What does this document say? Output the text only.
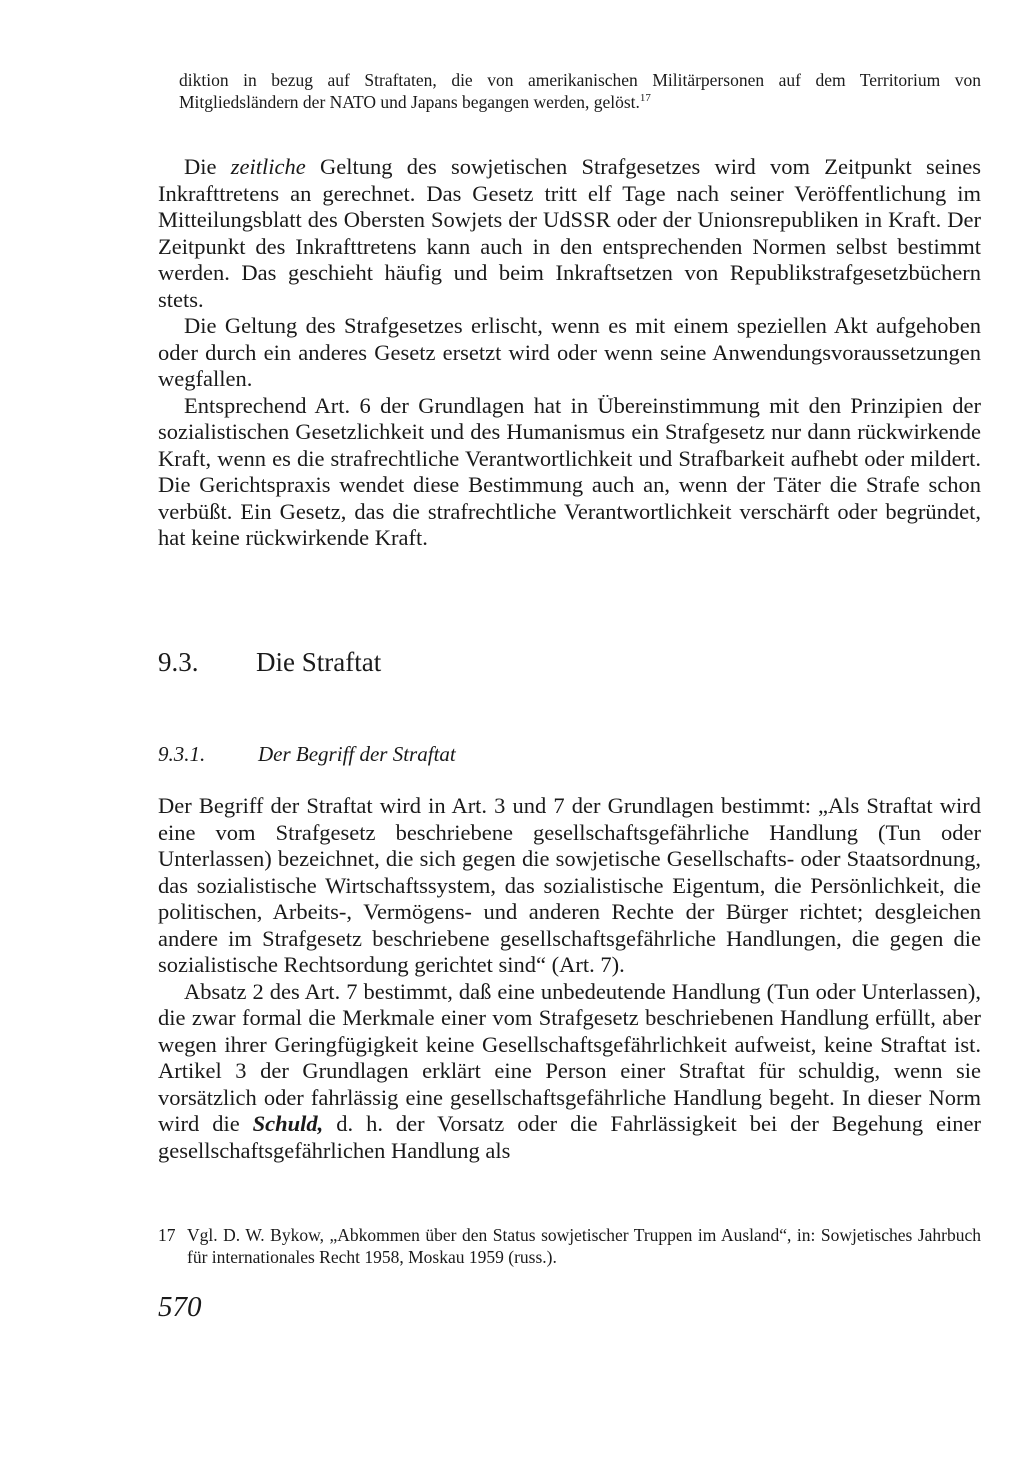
diktion in bezug auf Straftaten, die von amerikanischen Militärpersonen auf dem Territorium von Mitgliedsländern der NATO und Japans begangen werden, gelöst.$^{17}$

Die zeitliche Geltung des sowjetischen Strafgesetzes wird vom Zeitpunkt seines Inkrafttretens an gerechnet. Das Gesetz tritt elf Tage nach seiner Veröffentlichung im Mitteilungsblatt des Obersten Sowjets der UdSSR oder der Unionsrepubliken in Kraft. Der Zeitpunkt des Inkrafttretens kann auch in den entsprechenden Normen selbst bestimmt werden. Das geschieht häufig und beim Inkraftsetzen von Republikstrafgesetzbüchern stets.

Die Geltung des Strafgesetzes erlischt, wenn es mit einem speziellen Akt aufgehoben oder durch ein anderes Gesetz ersetzt wird oder wenn seine Anwendungsvoraussetzungen wegfallen.

Entsprechend Art. 6 der Grundlagen hat in Übereinstimmung mit den Prinzipien der sozialistischen Gesetzlichkeit und des Humanismus ein Strafgesetz nur dann rückwirkende Kraft, wenn es die strafrechtliche Verantwortlichkeit und Strafbarkeit aufhebt oder mildert. Die Gerichtspraxis wendet diese Bestimmung auch an, wenn der Täter die Strafe schon verbüßt. Ein Gesetz, das die strafrechtliche Verantwortlichkeit verschärft oder begründet, hat keine rückwirkende Kraft.

9.3. Die Straftat
9.3.1.	Der Begriff der Straftat

Der Begriff der Straftat wird in Art. 3 und 7 der Grundlagen bestimmt: „Als Straftat wird eine vom Strafgesetz beschriebene gesellschaftsgefährliche Handlung (Tun oder Unterlassen) bezeichnet, die sich gegen die sowjetische Gesellschafts- oder Staatsordnung, das sozialistische Wirtschaftssystem, das sozialistische Eigentum, die Persönlichkeit, die politischen, Arbeits-, Vermögens- und anderen Rechte der Bürger richtet; desgleichen andere im Strafgesetz beschriebene gesellschaftsgefährliche Handlungen, die gegen die sozialistische Rechtsordung gerichtet sind“ (Art. 7).

Absatz 2 des Art. 7 bestimmt, daß eine unbedeutende Handlung (Tun oder Unterlassen), die zwar formal die Merkmale einer vom Strafgesetz beschriebenen Handlung erfüllt, aber wegen ihrer Geringfügigkeit keine Gesellschaftsgefährlichkeit aufweist, keine Straftat ist. Artikel 3 der Grundlagen erklärt eine Person einer Straftat für schuldig, wenn sie vorsätzlich oder fahrlässig eine gesellschaftsgefährliche Handlung begeht. In dieser Norm wird die Schuld, d. h. der Vorsatz oder die Fahrlässigkeit bei der Begehung einer gesellschaftsgefährlichen Handlung als

17 Vgl. D. W. Bykow, „Abkommen über den Status sowjetischer Truppen im Ausland“, in: Sowjetisches Jahrbuch für internationales Recht 1958, Moskau 1959 (russ.).

570
